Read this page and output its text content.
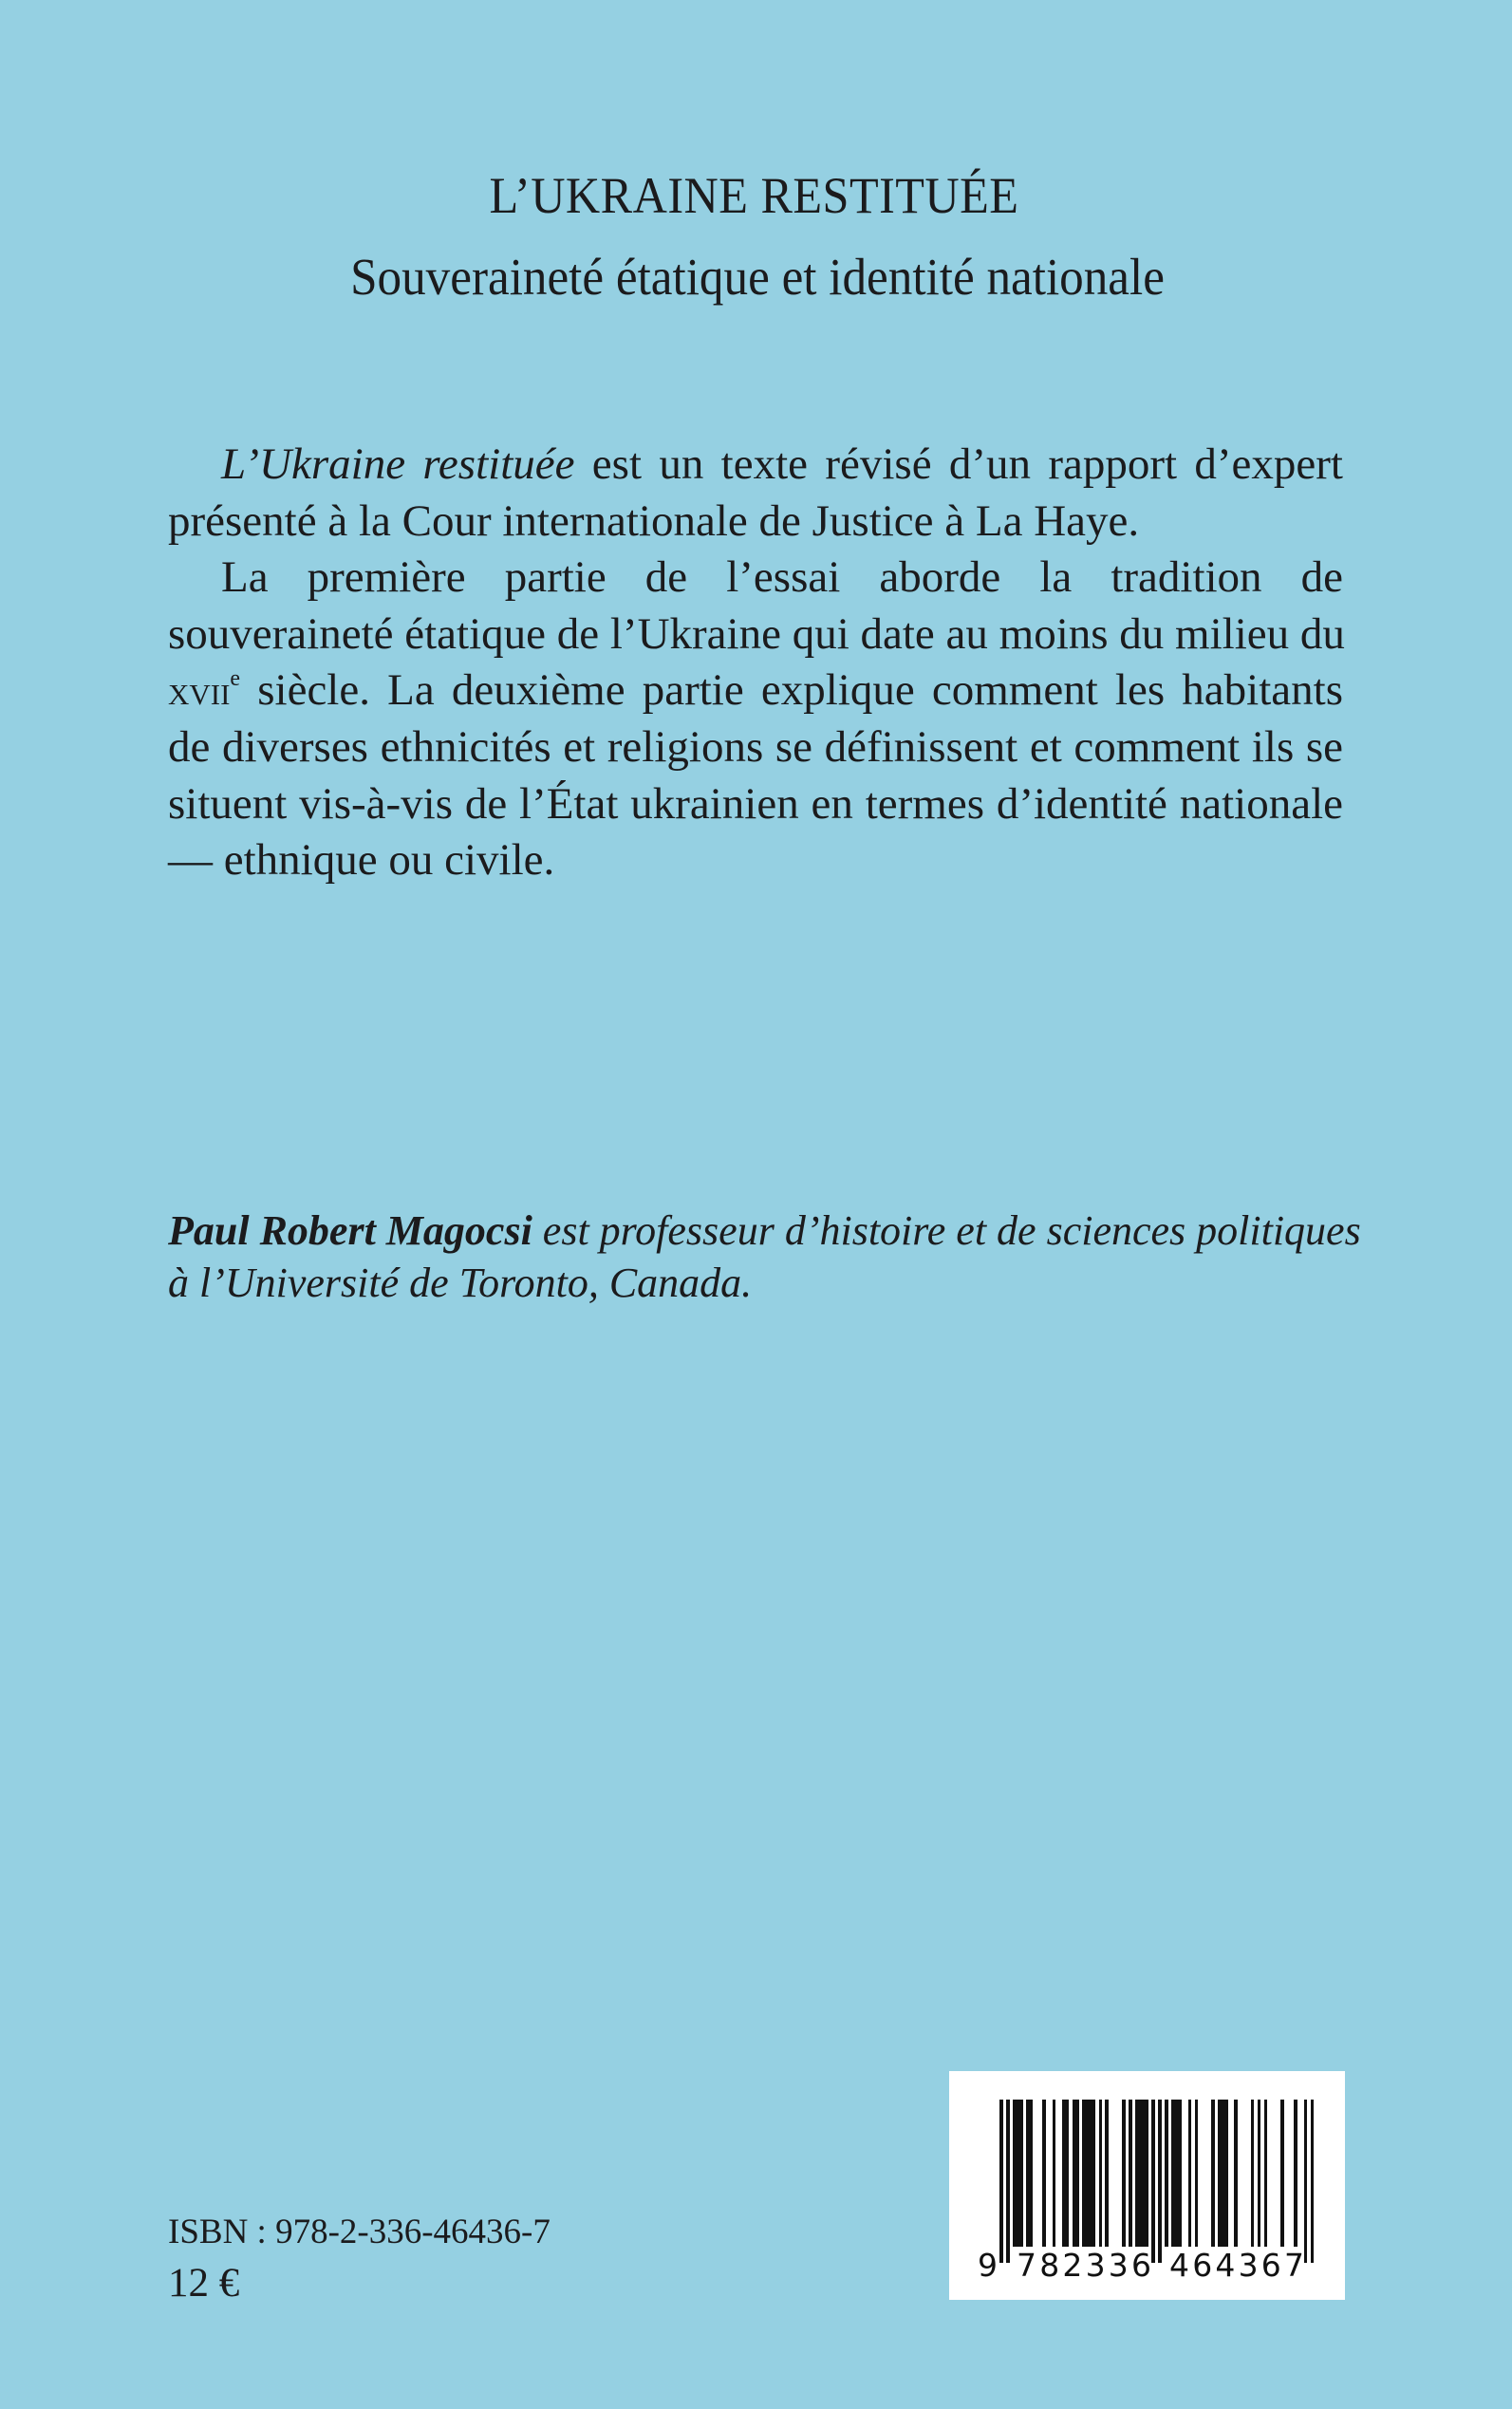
L’UKRAINE RESTITUÉE
Souveraineté étatique et identité nationale
L’Ukraine restituée est un texte révisé d’un rapport d’expert
présenté à la Cour internationale de Justice à La Haye.
La première partie de l’essai aborde la tradition de
souveraineté étatique de l’Ukraine qui date au moins du milieu du
xvii$^e$ siècle. La deuxième partie explique comment les habitants
de diverses ethnicités et religions se définissent et comment ils se
situent vis-à-vis de l’État ukrainien en termes d’identité nationale
— ethnique ou civile.
Paul Robert Magocsi est professeur d’histoire et de sciences politiques
à l’Université de Toronto, Canada.
ISBN : 978-2-336-46436-7
12 €	9 7 8 2 3 3 6 4 6 4 3 6 7
